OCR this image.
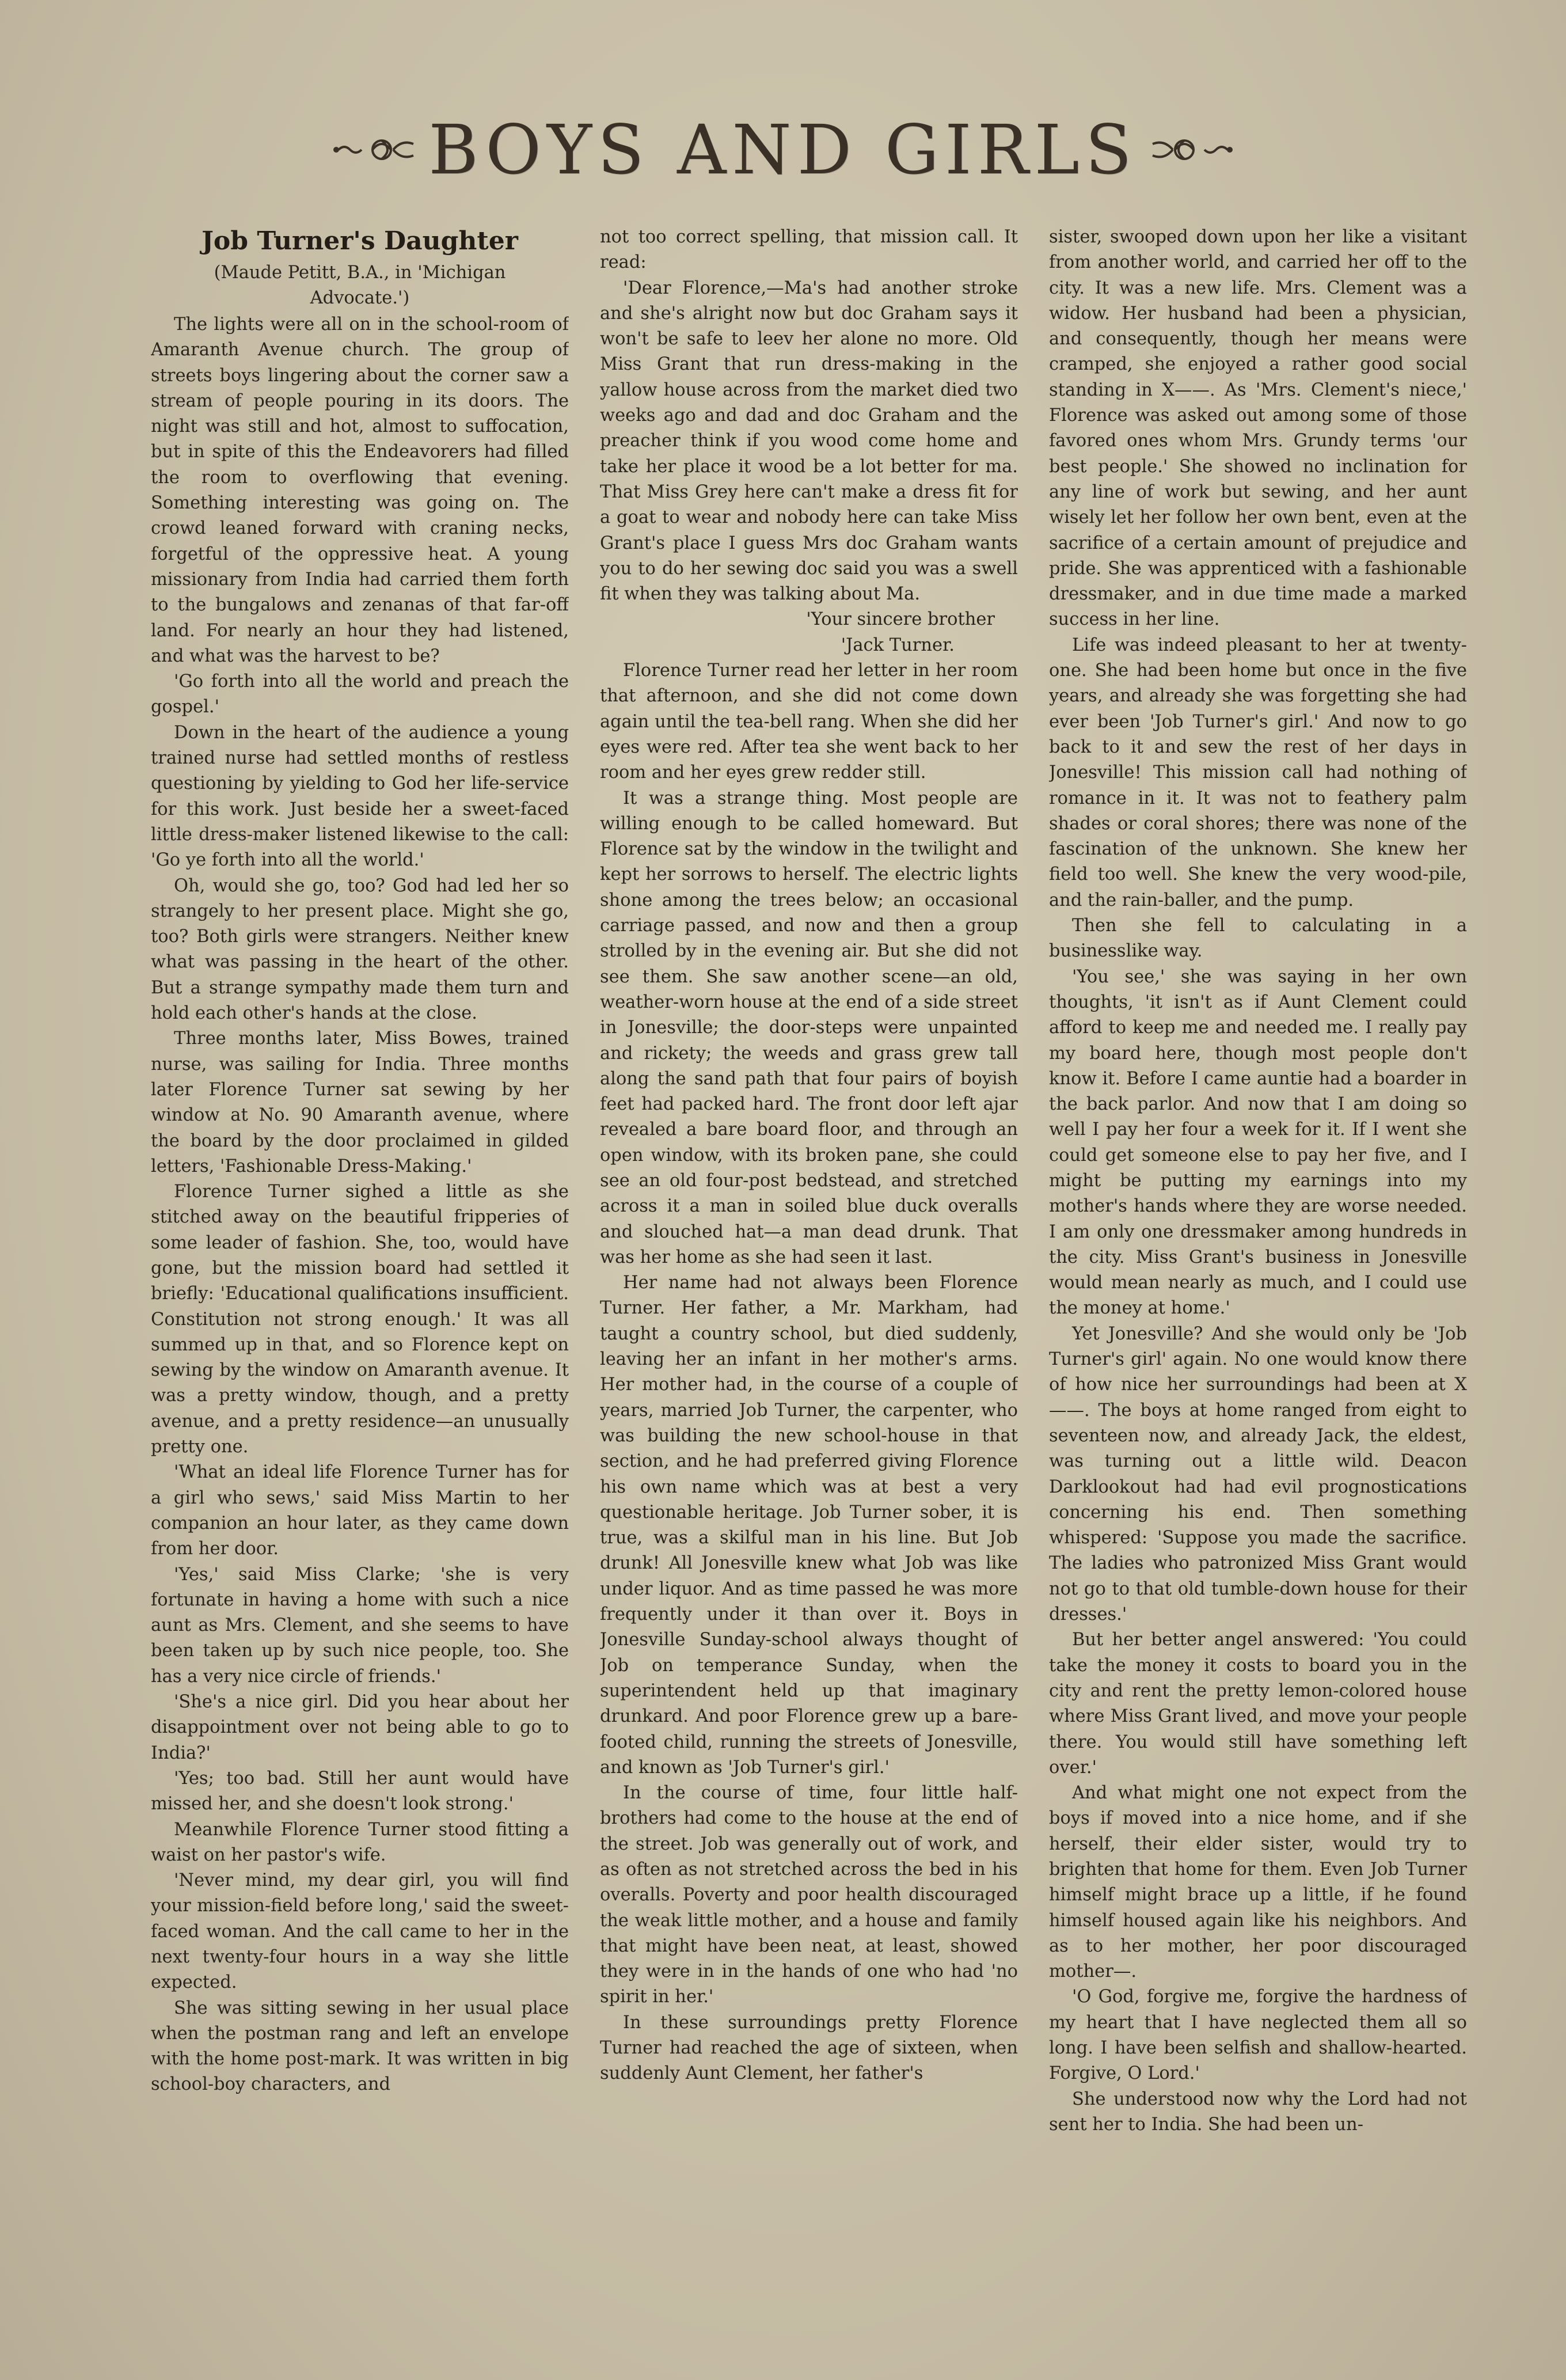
BOYS AND GIRLS
Job Turner's Daughter
(Maude Petitt, B.A., in 'Michigan Advocate.')

The lights were all on in the school-room of Amaranth Avenue church. The group of streets boys lingering about the corner saw a stream of people pouring in its doors. The night was still and hot, almost to suffocation, but in spite of this the Endeavorers had filled the room to overflowing that evening. Something interesting was going on. The crowd leaned forward with craning necks, forgetful of the oppressive heat. A young missionary from India had carried them forth to the bungalows and zenanas of that far-off land. For nearly an hour they had listened, and what was the harvest to be?

'Go forth into all the world and preach the gospel.'

Down in the heart of the audience a young trained nurse had settled months of restless questioning by yielding to God her life-service for this work. Just beside her a sweet-faced little dress-maker listened likewise to the call: 'Go ye forth into all the world.'

Oh, would she go, too? God had led her so strangely to her present place. Might she go, too? Both girls were strangers. Neither knew what was passing in the heart of the other. But a strange sympathy made them turn and hold each other's hands at the close.

Three months later, Miss Bowes, trained nurse, was sailing for India. Three months later Florence Turner sat sewing by her window at No. 90 Amaranth avenue, where the board by the door proclaimed in gilded letters, 'Fashionable Dress-Making.'

Florence Turner sighed a little as she stitched away on the beautiful fripperies of some leader of fashion. She, too, would have gone, but the mission board had settled it briefly: 'Educational qualifications insufficient. Constitution not strong enough.' It was all summed up in that, and so Florence kept on sewing by the window on Amaranth avenue. It was a pretty window, though, and a pretty avenue, and a pretty residence—an unusually pretty one.

'What an ideal life Florence Turner has for a girl who sews,' said Miss Martin to her companion an hour later, as they came down from her door.

'Yes,' said Miss Clarke; 'she is very fortunate in having a home with such a nice aunt as Mrs. Clement, and she seems to have been taken up by such nice people, too. She has a very nice circle of friends.'

'She's a nice girl. Did you hear about her disappointment over not being able to go to India?'

'Yes; too bad. Still her aunt would have missed her, and she doesn't look strong.'

Meanwhile Florence Turner stood fitting a waist on her pastor's wife.

'Never mind, my dear girl, you will find your mission-field before long,' said the sweet-faced woman. And the call came to her in the next twenty-four hours in a way she little expected.

She was sitting sewing in her usual place when the postman rang and left an envelope with the home post-mark. It was written in big school-boy characters, and

not too correct spelling, that mission call. It read:

'Dear Florence,—Ma's had another stroke and she's alright now but doc Graham says it won't be safe to leev her alone no more. Old Miss Grant that run dress-making in the yallow house across from the market died two weeks ago and dad and doc Graham and the preacher think if you wood come home and take her place it wood be a lot better for ma. That Miss Grey here can't make a dress fit for a goat to wear and nobody here can take Miss Grant's place I guess Mrs doc Graham wants you to do her sewing doc said you was a swell fit when they was talking about Ma.

'Your sincere brother

'Jack Turner.

Florence Turner read her letter in her room that afternoon, and she did not come down again until the tea-bell rang. When she did her eyes were red. After tea she went back to her room and her eyes grew redder still.

It was a strange thing. Most people are willing enough to be called homeward. But Florence sat by the window in the twilight and kept her sorrows to herself. The electric lights shone among the trees below; an occasional carriage passed, and now and then a group strolled by in the evening air. But she did not see them. She saw another scene—an old, weather-worn house at the end of a side street in Jonesville; the door-steps were unpainted and rickety; the weeds and grass grew tall along the sand path that four pairs of boyish feet had packed hard. The front door left ajar revealed a bare board floor, and through an open window, with its broken pane, she could see an old four-post bedstead, and stretched across it a man in soiled blue duck overalls and slouched hat—a man dead drunk. That was her home as she had seen it last.

Her name had not always been Florence Turner. Her father, a Mr. Markham, had taught a country school, but died suddenly, leaving her an infant in her mother's arms. Her mother had, in the course of a couple of years, married Job Turner, the carpenter, who was building the new school-house in that section, and he had preferred giving Florence his own name which was at best a very questionable heritage. Job Turner sober, it is true, was a skilful man in his line. But Job drunk! All Jonesville knew what Job was like under liquor. And as time passed he was more frequently under it than over it. Boys in Jonesville Sunday-school always thought of Job on temperance Sunday, when the superintendent held up that imaginary drunkard. And poor Florence grew up a bare-footed child, running the streets of Jonesville, and known as 'Job Turner's girl.'

In the course of time, four little half-brothers had come to the house at the end of the street. Job was generally out of work, and as often as not stretched across the bed in his overalls. Poverty and poor health discouraged the weak little mother, and a house and family that might have been neat, at least, showed they were in in the hands of one who had 'no spirit in her.'

In these surroundings pretty Florence Turner had reached the age of sixteen, when suddenly Aunt Clement, her father's

sister, swooped down upon her like a visitant from another world, and carried her off to the city. It was a new life. Mrs. Clement was a widow. Her husband had been a physician, and consequently, though her means were cramped, she enjoyed a rather good social standing in X——. As 'Mrs. Clement's niece,' Florence was asked out among some of those favored ones whom Mrs. Grundy terms 'our best people.' She showed no inclination for any line of work but sewing, and her aunt wisely let her follow her own bent, even at the sacrifice of a certain amount of prejudice and pride. She was apprenticed with a fashionable dressmaker, and in due time made a marked success in her line.

Life was indeed pleasant to her at twenty-one. She had been home but once in the five years, and already she was forgetting she had ever been 'Job Turner's girl.' And now to go back to it and sew the rest of her days in Jonesville! This mission call had nothing of romance in it. It was not to feathery palm shades or coral shores; there was none of the fascination of the unknown. She knew her field too well. She knew the very wood-pile, and the rain-baller, and the pump.

Then she fell to calculating in a businesslike way.

'You see,' she was saying in her own thoughts, 'it isn't as if Aunt Clement could afford to keep me and needed me. I really pay my board here, though most people don't know it. Before I came auntie had a boarder in the back parlor. And now that I am doing so well I pay her four a week for it. If I went she could get someone else to pay her five, and I might be putting my earnings into my mother's hands where they are worse needed. I am only one dressmaker among hundreds in the city. Miss Grant's business in Jonesville would mean nearly as much, and I could use the money at home.'

Yet Jonesville? And she would only be 'Job Turner's girl' again. No one would know there of how nice her surroundings had been at X——. The boys at home ranged from eight to seventeen now, and already Jack, the eldest, was turning out a little wild. Deacon Darklookout had had evil prognostications concerning his end. Then something whispered: 'Suppose you made the sacrifice. The ladies who patronized Miss Grant would not go to that old tumble-down house for their dresses.'

But her better angel answered: 'You could take the money it costs to board you in the city and rent the pretty lemon-colored house where Miss Grant lived, and move your people there. You would still have something left over.'

And what might one not expect from the boys if moved into a nice home, and if she herself, their elder sister, would try to brighten that home for them. Even Job Turner himself might brace up a little, if he found himself housed again like his neighbors. And as to her mother, her poor discouraged mother—.

'O God, forgive me, forgive the hardness of my heart that I have neglected them all so long. I have been selfish and shallow-hearted. Forgive, O Lord.'

She understood now why the Lord had not sent her to India. She had been un-
